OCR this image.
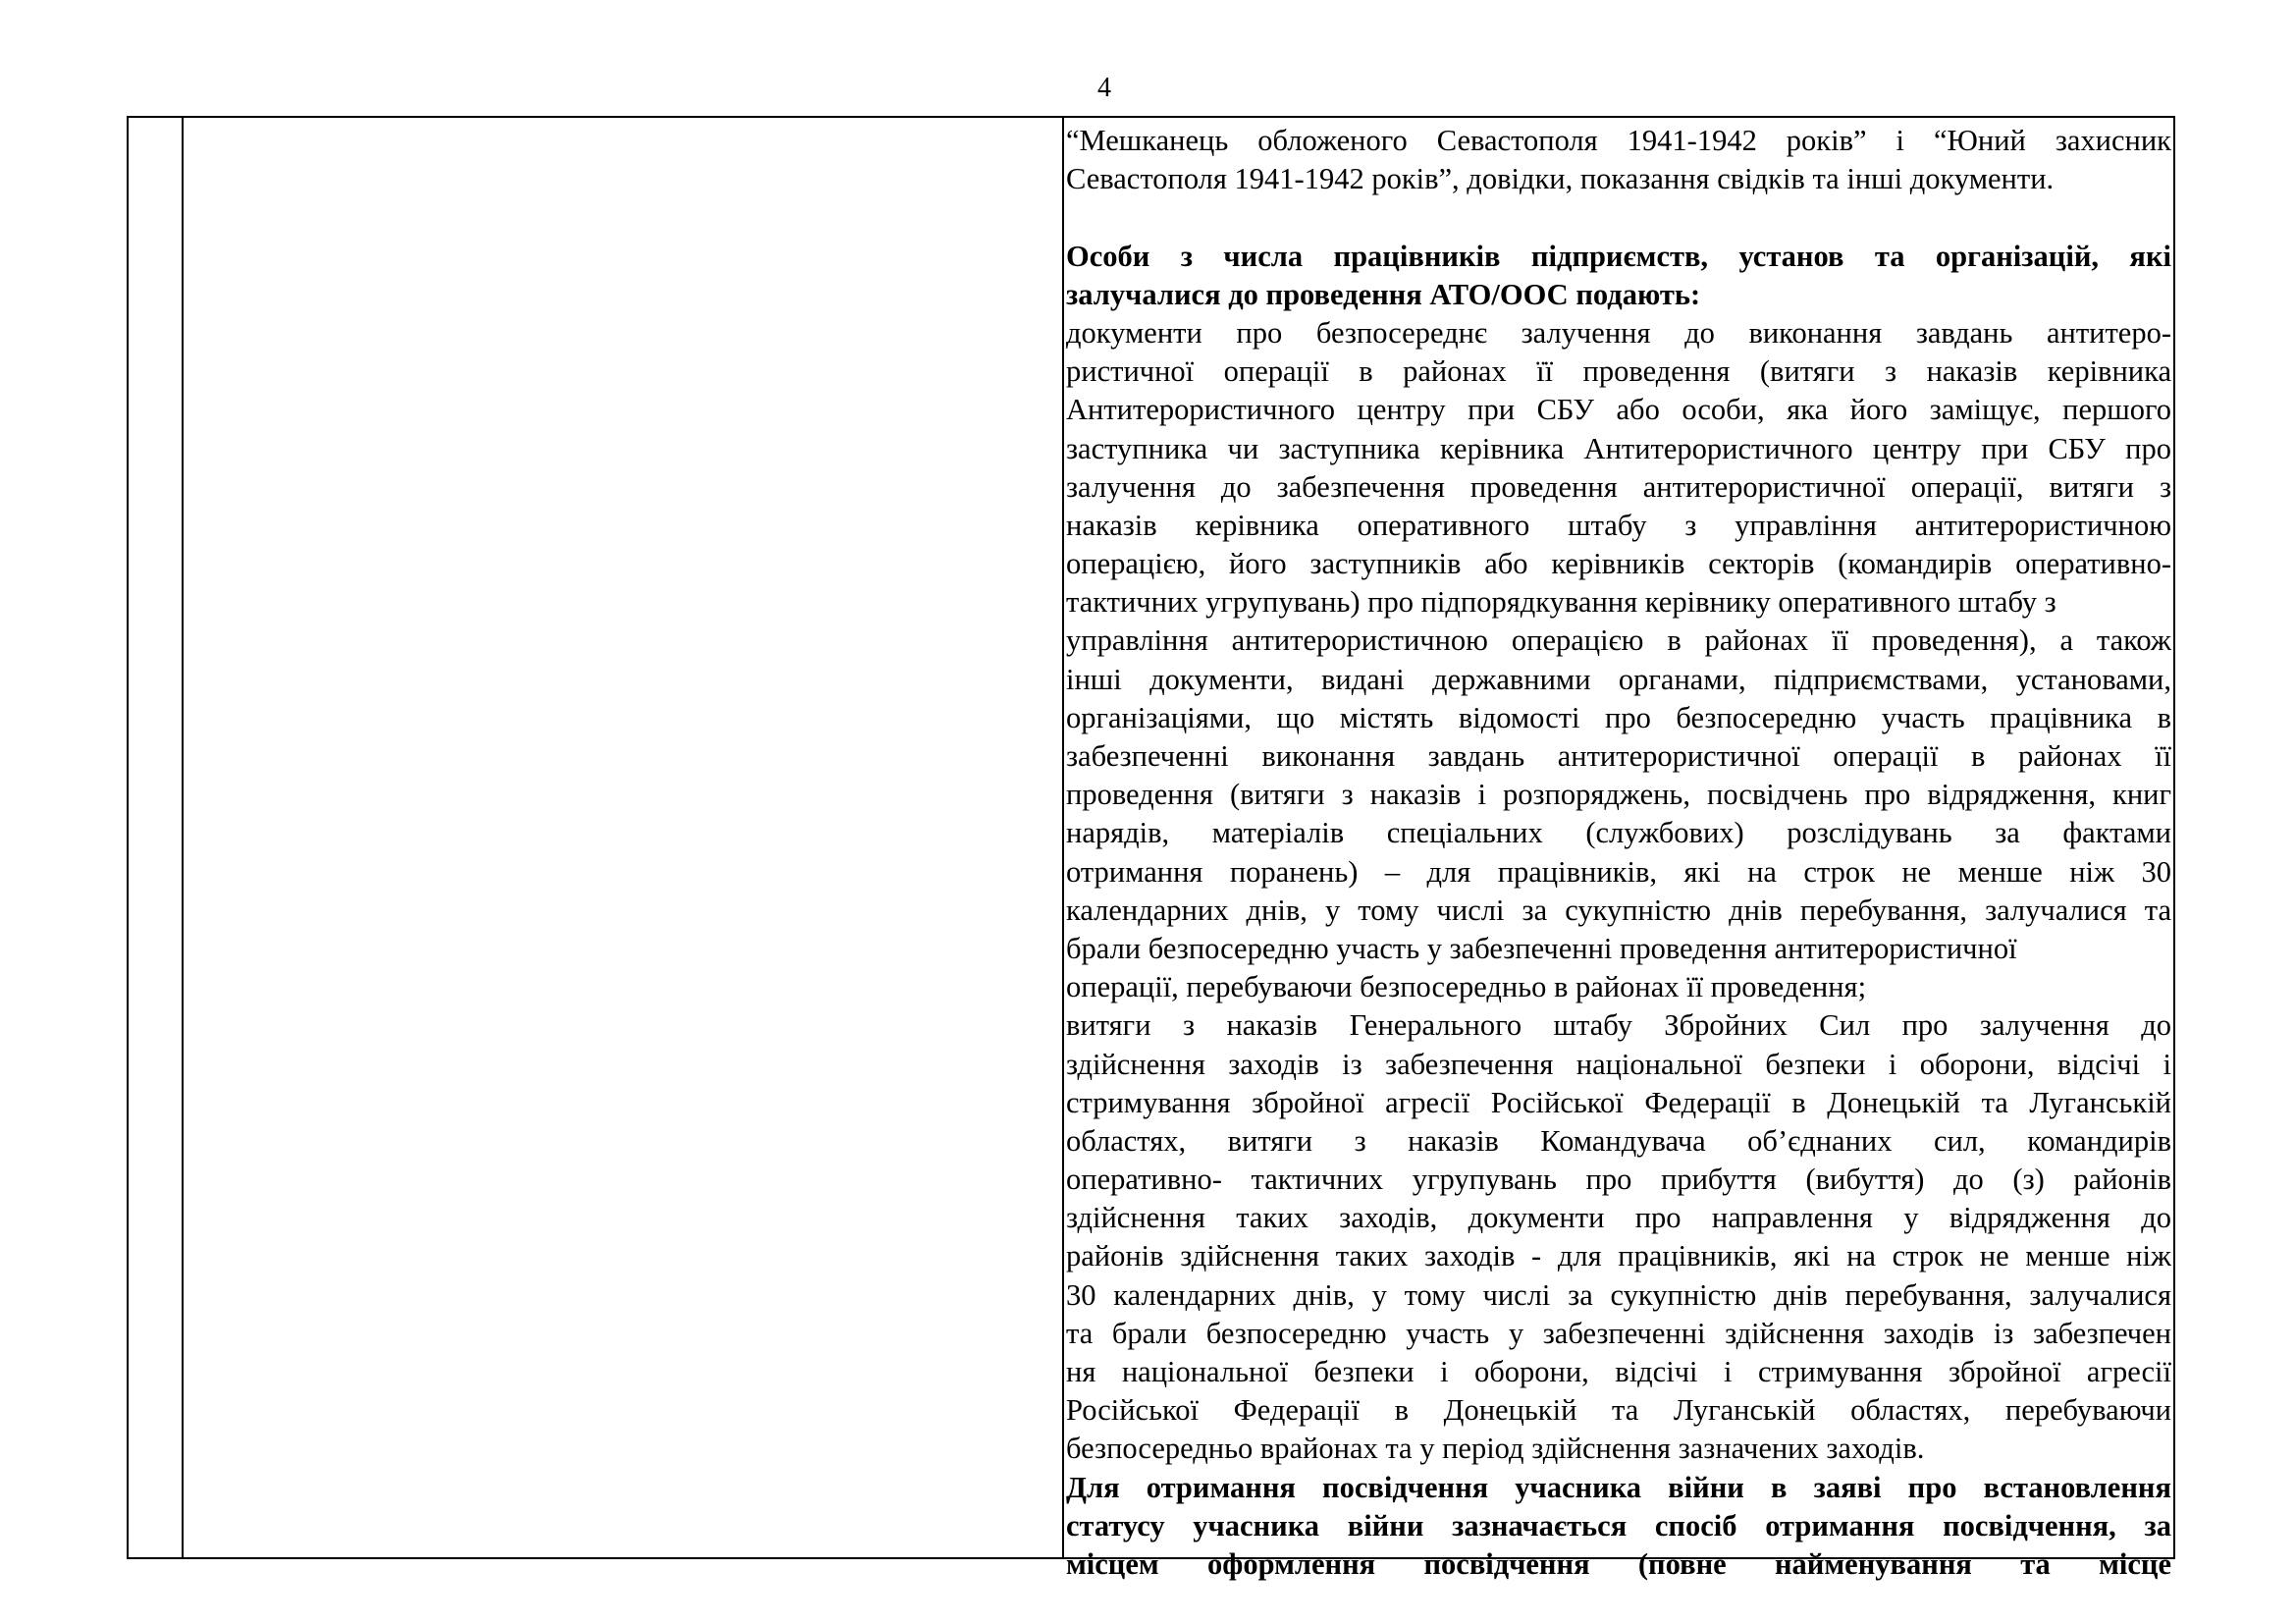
4
“Мешканець обложеного Севастополя 1941-1942 років” і “Юний захисник
Севастополя 1941-1942 років”, довідки, показання свідків та інші документи.
Особи з числа працівників підприємств, установ та організацій, які
залучалися до проведення АТО/ООС подають:
документи про безпосереднє залучення до виконання завдань антитеро-
ристичної операції в районах її проведення (витяги з наказів керівника
Антитерористичного центру при СБУ або особи, яка його заміщує, першого
заступника чи заступника керівника Антитерористичного центру при СБУ про
залучення до забезпечення проведення антитерористичної операції, витяги з
наказів керівника оперативного штабу з управління антитерористичною
операцією, його заступників або керівників секторів (командирів оперативно-
тактичних угрупувань) про підпорядкування керівнику оперативного штабу з
управління антитерористичною операцією в районах її проведення), а також
інші документи, видані державними органами, підприємствами, установами,
організаціями, що містять відомості про безпосередню участь працівника в
забезпеченні виконання завдань антитерористичної операції в районах її
проведення (витяги з наказів і розпоряджень, посвідчень про відрядження, книг
нарядів, матеріалів спеціальних (службових) розслідувань за фактами
отримання поранень) – для працівників, які на строк не менше ніж 30
календарних днів, у тому числі за сукупністю днів перебування, залучалися та
брали безпосередню участь у забезпеченні проведення антитерористичної
операції, перебуваючи безпосередньо в районах її проведення;
витяги з наказів Генерального штабу Збройних Сил про залучення до
здійснення заходів із забезпечення національної безпеки і оборони, відсічі і
стримування збройної агресії Російської Федерації в Донецькій та Луганській
областях, витяги з наказів Командувача об’єднаних сил, командирів
оперативно- тактичних угрупувань про прибуття (вибуття) до (з) районів
здійснення таких заходів, документи про направлення у відрядження до
районів здійснення таких заходів - для працівників, які на строк не менше ніж
30 календарних днів, у тому числі за сукупністю днів перебування, залучалися
та брали безпосередню участь у забезпеченні здійснення заходів із забезпечен
ня національної безпеки і оборони, відсічі і стримування збройної агресії
Російської Федерації в Донецькій та Луганській областях, перебуваючи
безпосередньо врайонах та у період здійснення зазначених заходів.
Для отримання посвідчення учасника війни в заяві про встановлення
статусу учасника війни зазначається спосіб отримання посвідчення, за
місцем оформлення посвідчення (повне найменування та місце
